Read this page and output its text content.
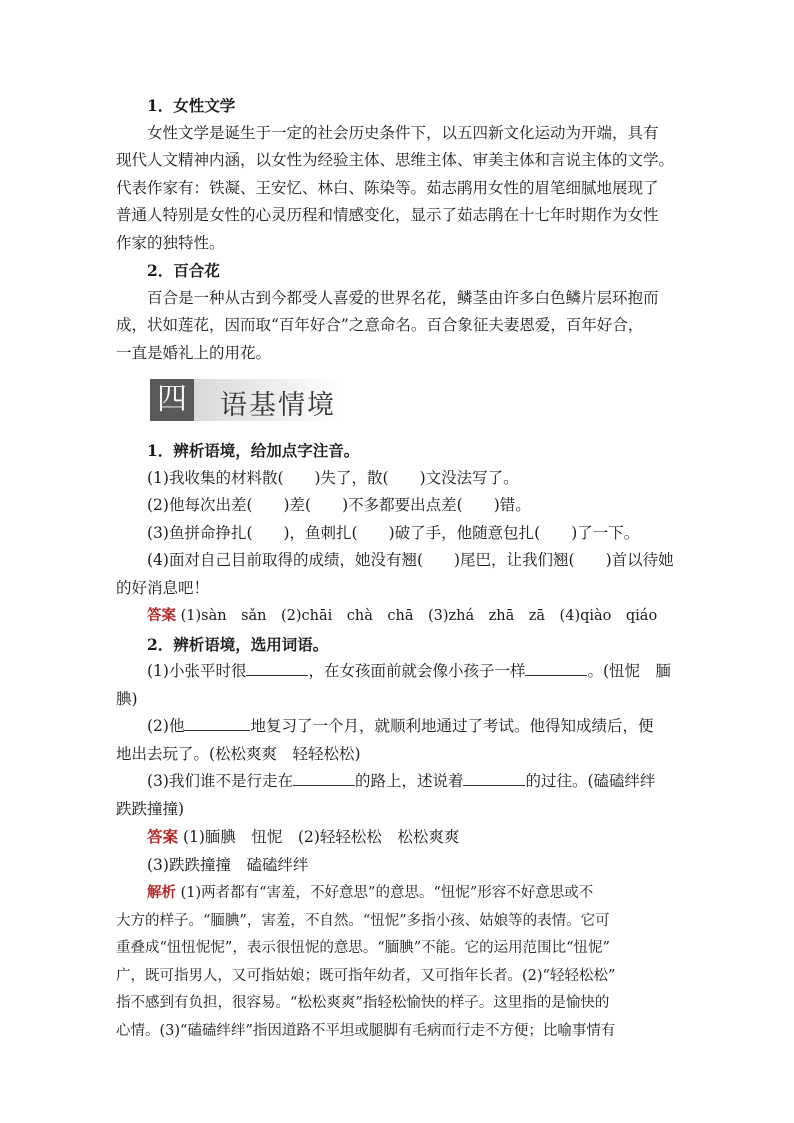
1．女性文学

女性文学是诞生于一定的社会历史条件下，以五四新文化运动为开端，具有

现代人文精神内涵，以女性为经验主体、思维主体、审美主体和言说主体的文学。

代表作家有：铁凝、王安忆、林白、陈染等。茹志鹃用女性的眉笔细腻地展现了

普通人特别是女性的心灵历程和情感变化，显示了茹志鹃在十七年时期作为女性

作家的独特性。

2．百合花

百合是一种从古到今都受人喜爱的世界名花，鳞茎由许多白色鳞片层环抱而

成，状如莲花，因而取“百年好合”之意命名。百合象征夫妻恩爱，百年好合，

一直是婚礼上的用花。

四 语基情境

1．辨析语境，给加点字注音。

(1)我收集的材料散(　　)失了，散(　　)文没法写了。

(2)他每次出差(　　)差(　　)不多都要出点差(　　)错。

(3)鱼拼命挣扎(　　)，鱼刺扎(　　)破了手，他随意包扎(　　)了一下。

(4)面对自己目前取得的成绩，她没有翘(　　)尾巴，让我们翘(　　)首以待她

的好消息吧！

答案 (1)sàn　sǎn　(2)chāi　chà　chā　(3)zhá　zhā　zā　(4)qiào　qiáo

2．辨析语境，选用词语。

(1)小张平时很	，在女孩面前就会像小孩子一样	。(忸怩　腼

腆)

(2)他	地复习了一个月，就顺利地通过了考试。他得知成绩后，便

地出去玩了。(松松爽爽　轻轻松松)

(3)我们谁不是行走在	的路上，述说着	的过往。(磕磕绊绊

跌跌撞撞)

答案 (1)腼腆　忸怩　(2)轻轻松松　松松爽爽

(3)跌跌撞撞　磕磕绊绊

解析 (1)两者都有“害羞，不好意思”的意思。“忸怩”形容不好意思或不

大方的样子。“腼腆”，害羞，不自然。“忸怩”多指小孩、姑娘等的表情。它可

重叠成“忸忸怩怩”，表示很忸怩的意思。“腼腆”不能。它的运用范围比“忸怩”

广，既可指男人，又可指姑娘；既可指年幼者，又可指年长者。(2)“轻轻松松”

指不感到有负担，很容易。“松松爽爽”指轻松愉快的样子。这里指的是愉快的

心情。(3)“磕磕绊绊”指因道路不平坦或腿脚有毛病而行走不方便；比喻事情有
